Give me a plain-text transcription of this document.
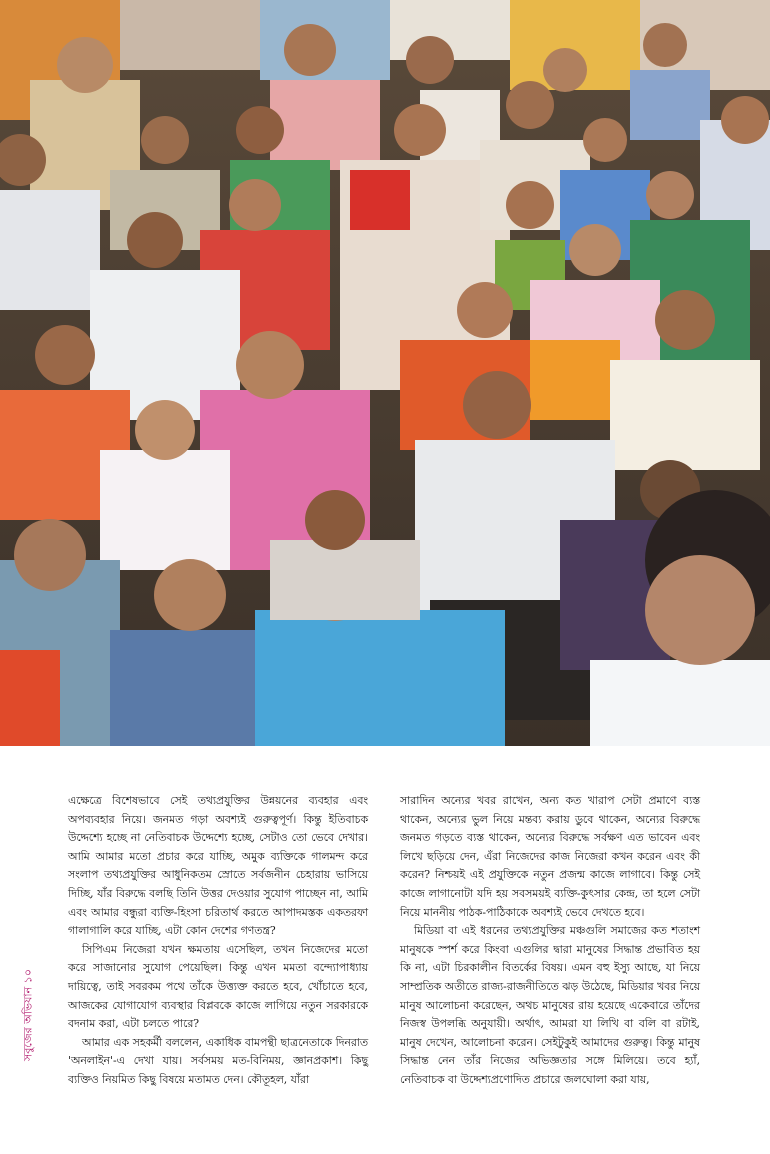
সবুজের অভিযান ১০

এক্ষেত্রে বিশেষভাবে সেই তথ্যপ্রযুক্তির উন্নয়নের ব্যবহার এবং অপব্যবহার নিয়ে। জনমত গড়া অবশ্যই গুরুত্বপূর্ণ। কিন্তু ইতিবাচক উদ্দেশ্যে হচ্ছে না নেতিবাচক উদ্দেশ্যে হচ্ছে, সেটাও তো ভেবে দেখার। আমি আমার মতো প্রচার করে যাচ্ছি, অমুক ব্যক্তিকে গালমন্দ করে সংলাপ তথ্যপ্রযুক্তির আধুনিকতম স্রোতে সর্বজনীন চেহারায় ভাসিয়ে দিচ্ছি, যাঁর বিরুদ্ধে বলছি তিনি উত্তর দেওয়ার সুযোগ পাচ্ছেন না, আমি এবং আমার বন্ধুরা ব্যক্তি-হিংসা চরিতার্থ করতে আপাদমস্তক একতরফা গালাগালি করে যাচ্ছি, এটা কোন দেশের গণতন্ত্র?

সিপিএম নিজেরা যখন ক্ষমতায় এসেছিল, তখন নিজেদের মতো করে সাজানোর সুযোগ পেয়েছিল। কিন্তু এখন মমতা বন্দ্যোপাধ্যায় দায়িত্বে, তাই সবরকম পথে তাঁকে উত্ত্যক্ত করতে হবে, খোঁচাতে হবে, আজকের যোগাযোগ ব্যবস্থার বিপ্লবকে কাজে লাগিয়ে নতুন সরকারকে বদনাম করা, এটা চলতে পারে?

আমার এক সহকর্মী বললেন, একাধিক বামপন্থী ছাত্রনেতাকে দিনরাত 'অনলাইন'-এ দেখা যায়। সর্বসময় মত-বিনিময়, জ্ঞানপ্রকাশ। কিছু ব্যক্তিও নিয়মিত কিছু বিষয়ে মতামত দেন। কৌতূহল, যাঁরা

সারাদিন অন্যের খবর রাখেন, অন্য কত খারাপ সেটা প্রমাণে ব্যস্ত থাকেন, অন্যের ভুল নিয়ে মন্তব্য করায় ডুবে থাকেন, অন্যের বিরুদ্ধে জনমত গড়তে ব্যস্ত থাকেন, অন্যের বিরুদ্ধে সর্বক্ষণ এত ভাবেন এবং লিখে ছড়িয়ে দেন, এঁরা নিজেদের কাজ নিজেরা কখন করেন এবং কী করেন? নিশ্চয়ই এই প্রযুক্তিকে নতুন প্রজন্ম কাজে লাগাবে। কিন্তু সেই কাজে লাগানোটা যদি হয় সবসময়ই ব্যক্তি-কুৎসার কেন্দ্র, তা হলে সেটা নিয়ে মাননীয় পাঠক-পাঠিকাকে অবশ্যই ভেবে দেখতে হবে।

মিডিয়া বা এই ধরনের তথ্যপ্রযুক্তির মঞ্চগুলি সমাজের কত শতাংশ মানুষকে স্পর্শ করে কিংবা এগুলির দ্বারা মানুষের সিদ্ধান্ত প্রভাবিত হয় কি না, এটা চিরকালীন বিতর্কের বিষয়। এমন বহু ইস্যু আছে, যা নিয়ে সাম্প্রতিক অতীতে রাজ্য-রাজনীতিতে ঝড় উঠেছে, মিডিয়ার খবর নিয়ে মানুষ আলোচনা করেছেন, অথচ মানুষের রায় হয়েছে একেবারে তাঁদের নিজস্ব উপলব্ধি অনুযায়ী। অর্থাৎ, আমরা যা লিখি বা বলি বা রটাই, মানুষ দেখেন, আলোচনা করেন। সেইটুকুই আমাদের গুরুত্ব। কিন্তু মানুষ সিদ্ধান্ত নেন তাঁর নিজের অভিজ্ঞতার সঙ্গে মিলিয়ে। তবে হ্যাঁ, নেতিবাচক বা উদ্দেশ্যপ্রণোদিত প্রচারে জলঘোলা করা যায়,
